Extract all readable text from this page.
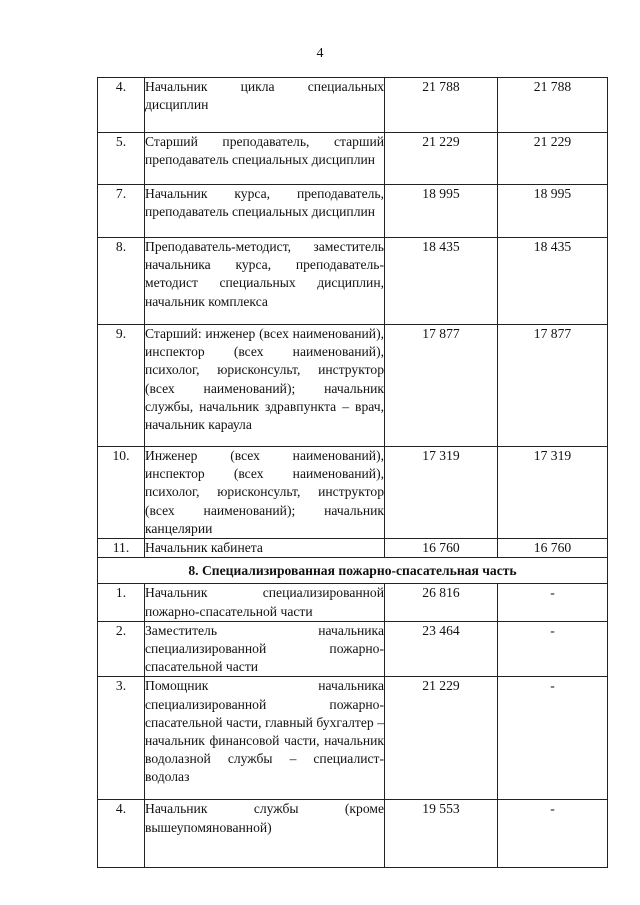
4
4.	Начальник цикла специальных дисциплин	21 788	21 788
5.	Старший преподаватель, старший преподаватель специальных дисциплин	21 229	21 229
7.	Начальник курса, преподаватель, преподаватель специальных дисциплин	18 995	18 995
8.	Преподаватель-методист, заместитель начальника курса, преподаватель-методист специальных дисциплин, начальник комплекса	18 435	18 435
9.	Старший: инженер (всех наименований), инспектор (всех наименований), психолог, юрисконсульт, инструктор (всех наименований); начальник службы, начальник здравпункта – врач, начальник караула	17 877	17 877
10.	Инженер (всех наименований), инспектор (всех наименований), психолог, юрисконсульт, инструктор (всех наименований); начальник канцелярии	17 319	17 319
11.	Начальник кабинета	16 760	16 760
8. Специализированная пожарно-спасательная часть			
1.	Начальник специализированной пожарно-спасательной части	26 816	-
2.	Заместитель начальника специализированной пожарно-спасательной части	23 464	-
3.	Помощник начальника специализированной пожарно-спасательной части, главный бухгалтер – начальник финансовой части, начальник водолазной службы – специалист-водолаз	21 229	-
4.	Начальник службы (кроме вышеупомянованной)	19 553	-
